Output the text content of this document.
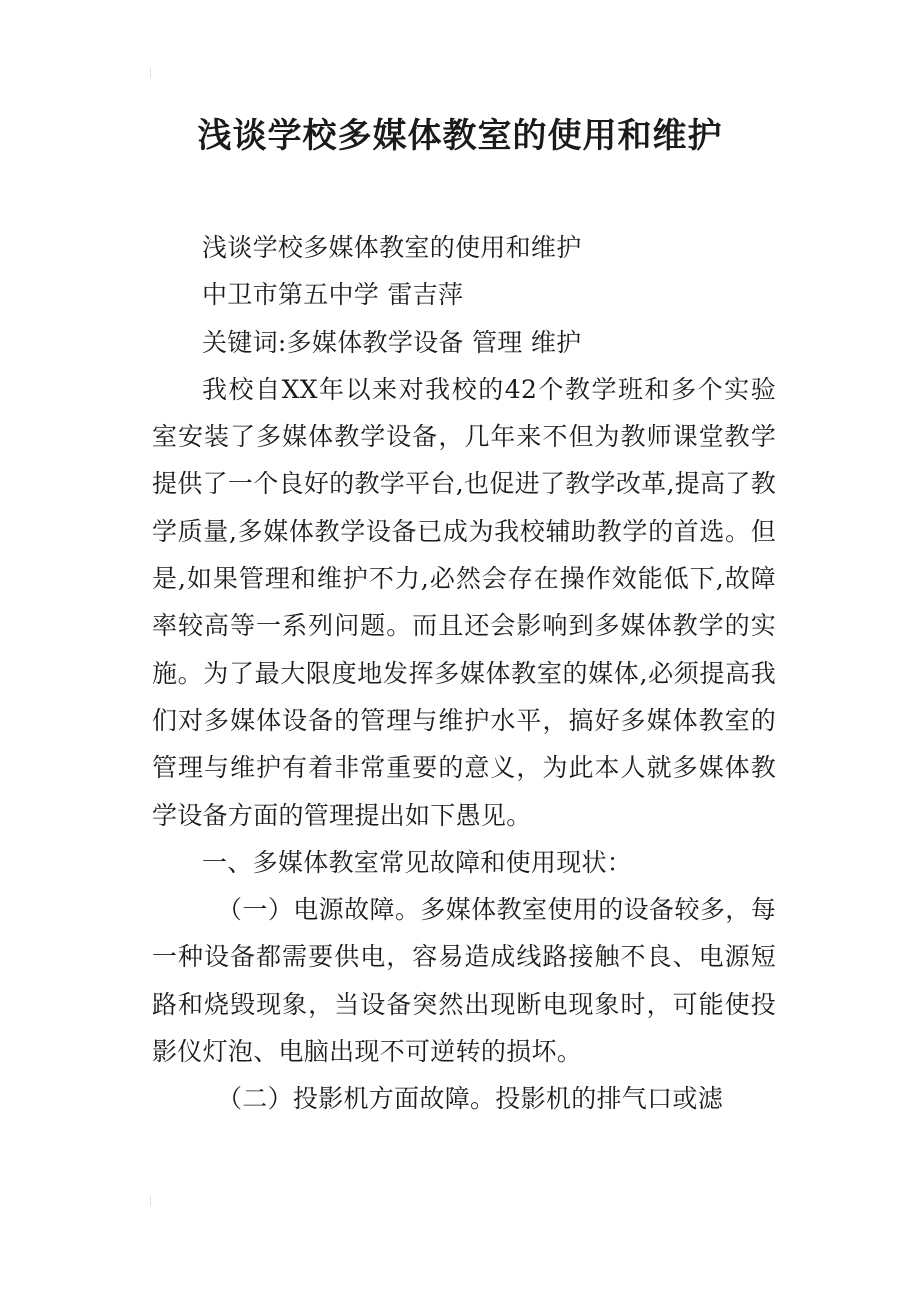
浅谈学校多媒体教室的使用和维护

浅谈学校多媒体教室的使用和维护

中卫市第五中学 雷吉萍

关键词:多媒体教学设备 管理 维护

我校自XX年以来对我校的42个教学班和多个实验室安装了多媒体教学设备，几年来不但为教师课堂教学提供了一个良好的教学平台,也促进了教学改革,提高了教学质量,多媒体教学设备已成为我校辅助教学的首选。但是,如果管理和维护不力,必然会存在操作效能低下,故障率较高等一系列问题。而且还会影响到多媒体教学的实施。为了最大限度地发挥多媒体教室的媒体,必须提高我们对多媒体设备的管理与维护水平，搞好多媒体教室的管理与维护有着非常重要的意义，为此本人就多媒体教学设备方面的管理提出如下愚见。

一、多媒体教室常见故障和使用现状：

（一）电源故障。多媒体教室使用的设备较多，每一种设备都需要供电，容易造成线路接触不良、电源短路和烧毁现象，当设备突然出现断电现象时，可能使投影仪灯泡、电脑出现不可逆转的损坏。

（二）投影机方面故障。投影机的排气口或滤
